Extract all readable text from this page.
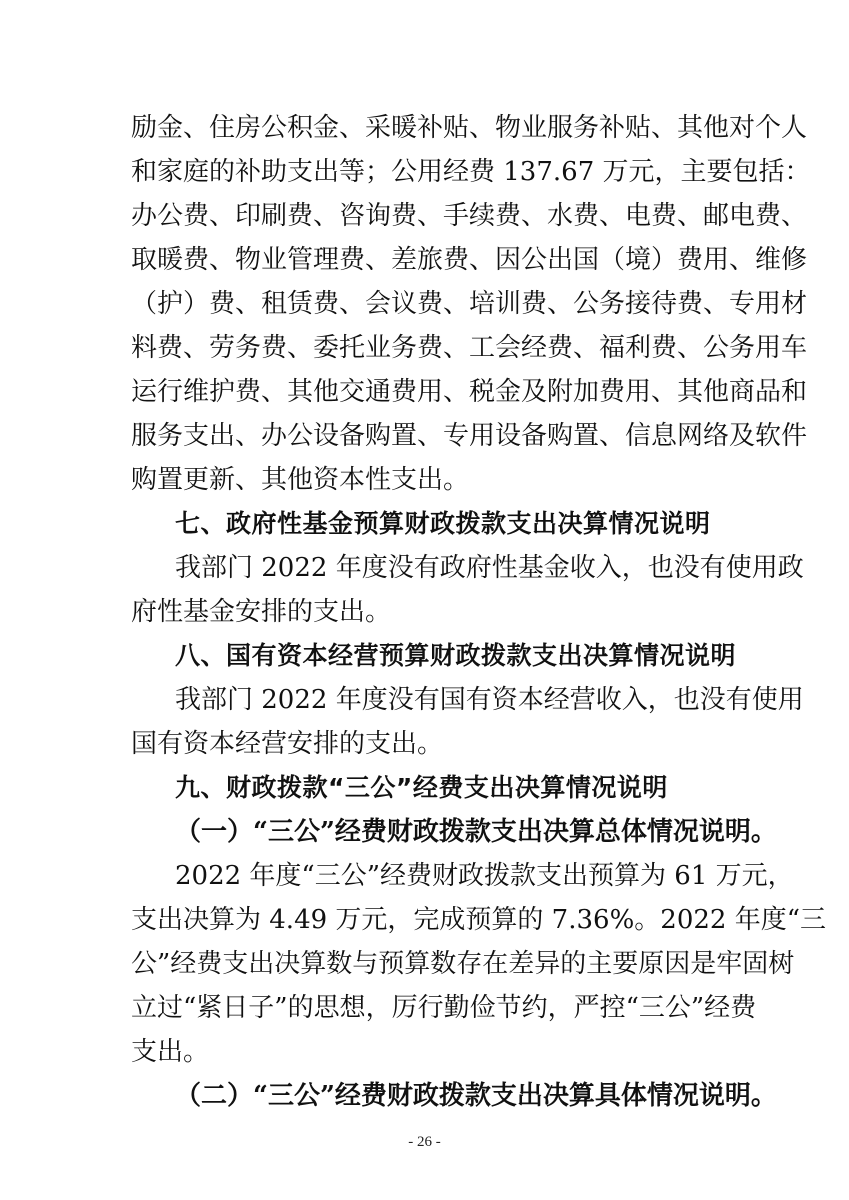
励金、住房公积金、采暖补贴、物业服务补贴、其他对个人
和家庭的补助支出等；公用经费 137.67 万元，主要包括：
办公费、印刷费、咨询费、手续费、水费、电费、邮电费、
取暖费、物业管理费、差旅费、因公出国（境）费用、维修
（护）费、租赁费、会议费、培训费、公务接待费、专用材
料费、劳务费、委托业务费、工会经费、福利费、公务用车
运行维护费、其他交通费用、税金及附加费用、其他商品和
服务支出、办公设备购置、专用设备购置、信息网络及软件
购置更新、其他资本性支出。
七、政府性基金预算财政拨款支出决算情况说明
我部门 2022 年度没有政府性基金收入，也没有使用政
府性基金安排的支出。
八、国有资本经营预算财政拨款支出决算情况说明
我部门 2022 年度没有国有资本经营收入，也没有使用
国有资本经营安排的支出。
九、财政拨款“三公”经费支出决算情况说明
（一）“三公”经费财政拨款支出决算总体情况说明。
2022 年度“三公”经费财政拨款支出预算为 61 万元，
支出决算为 4.49 万元，完成预算的 7.36%。2022 年度“三
公”经费支出决算数与预算数存在差异的主要原因是牢固树
立过“紧日子”的思想，厉行勤俭节约，严控“三公”经费
支出。
（二）“三公”经费财政拨款支出决算具体情况说明。
- 26 -
